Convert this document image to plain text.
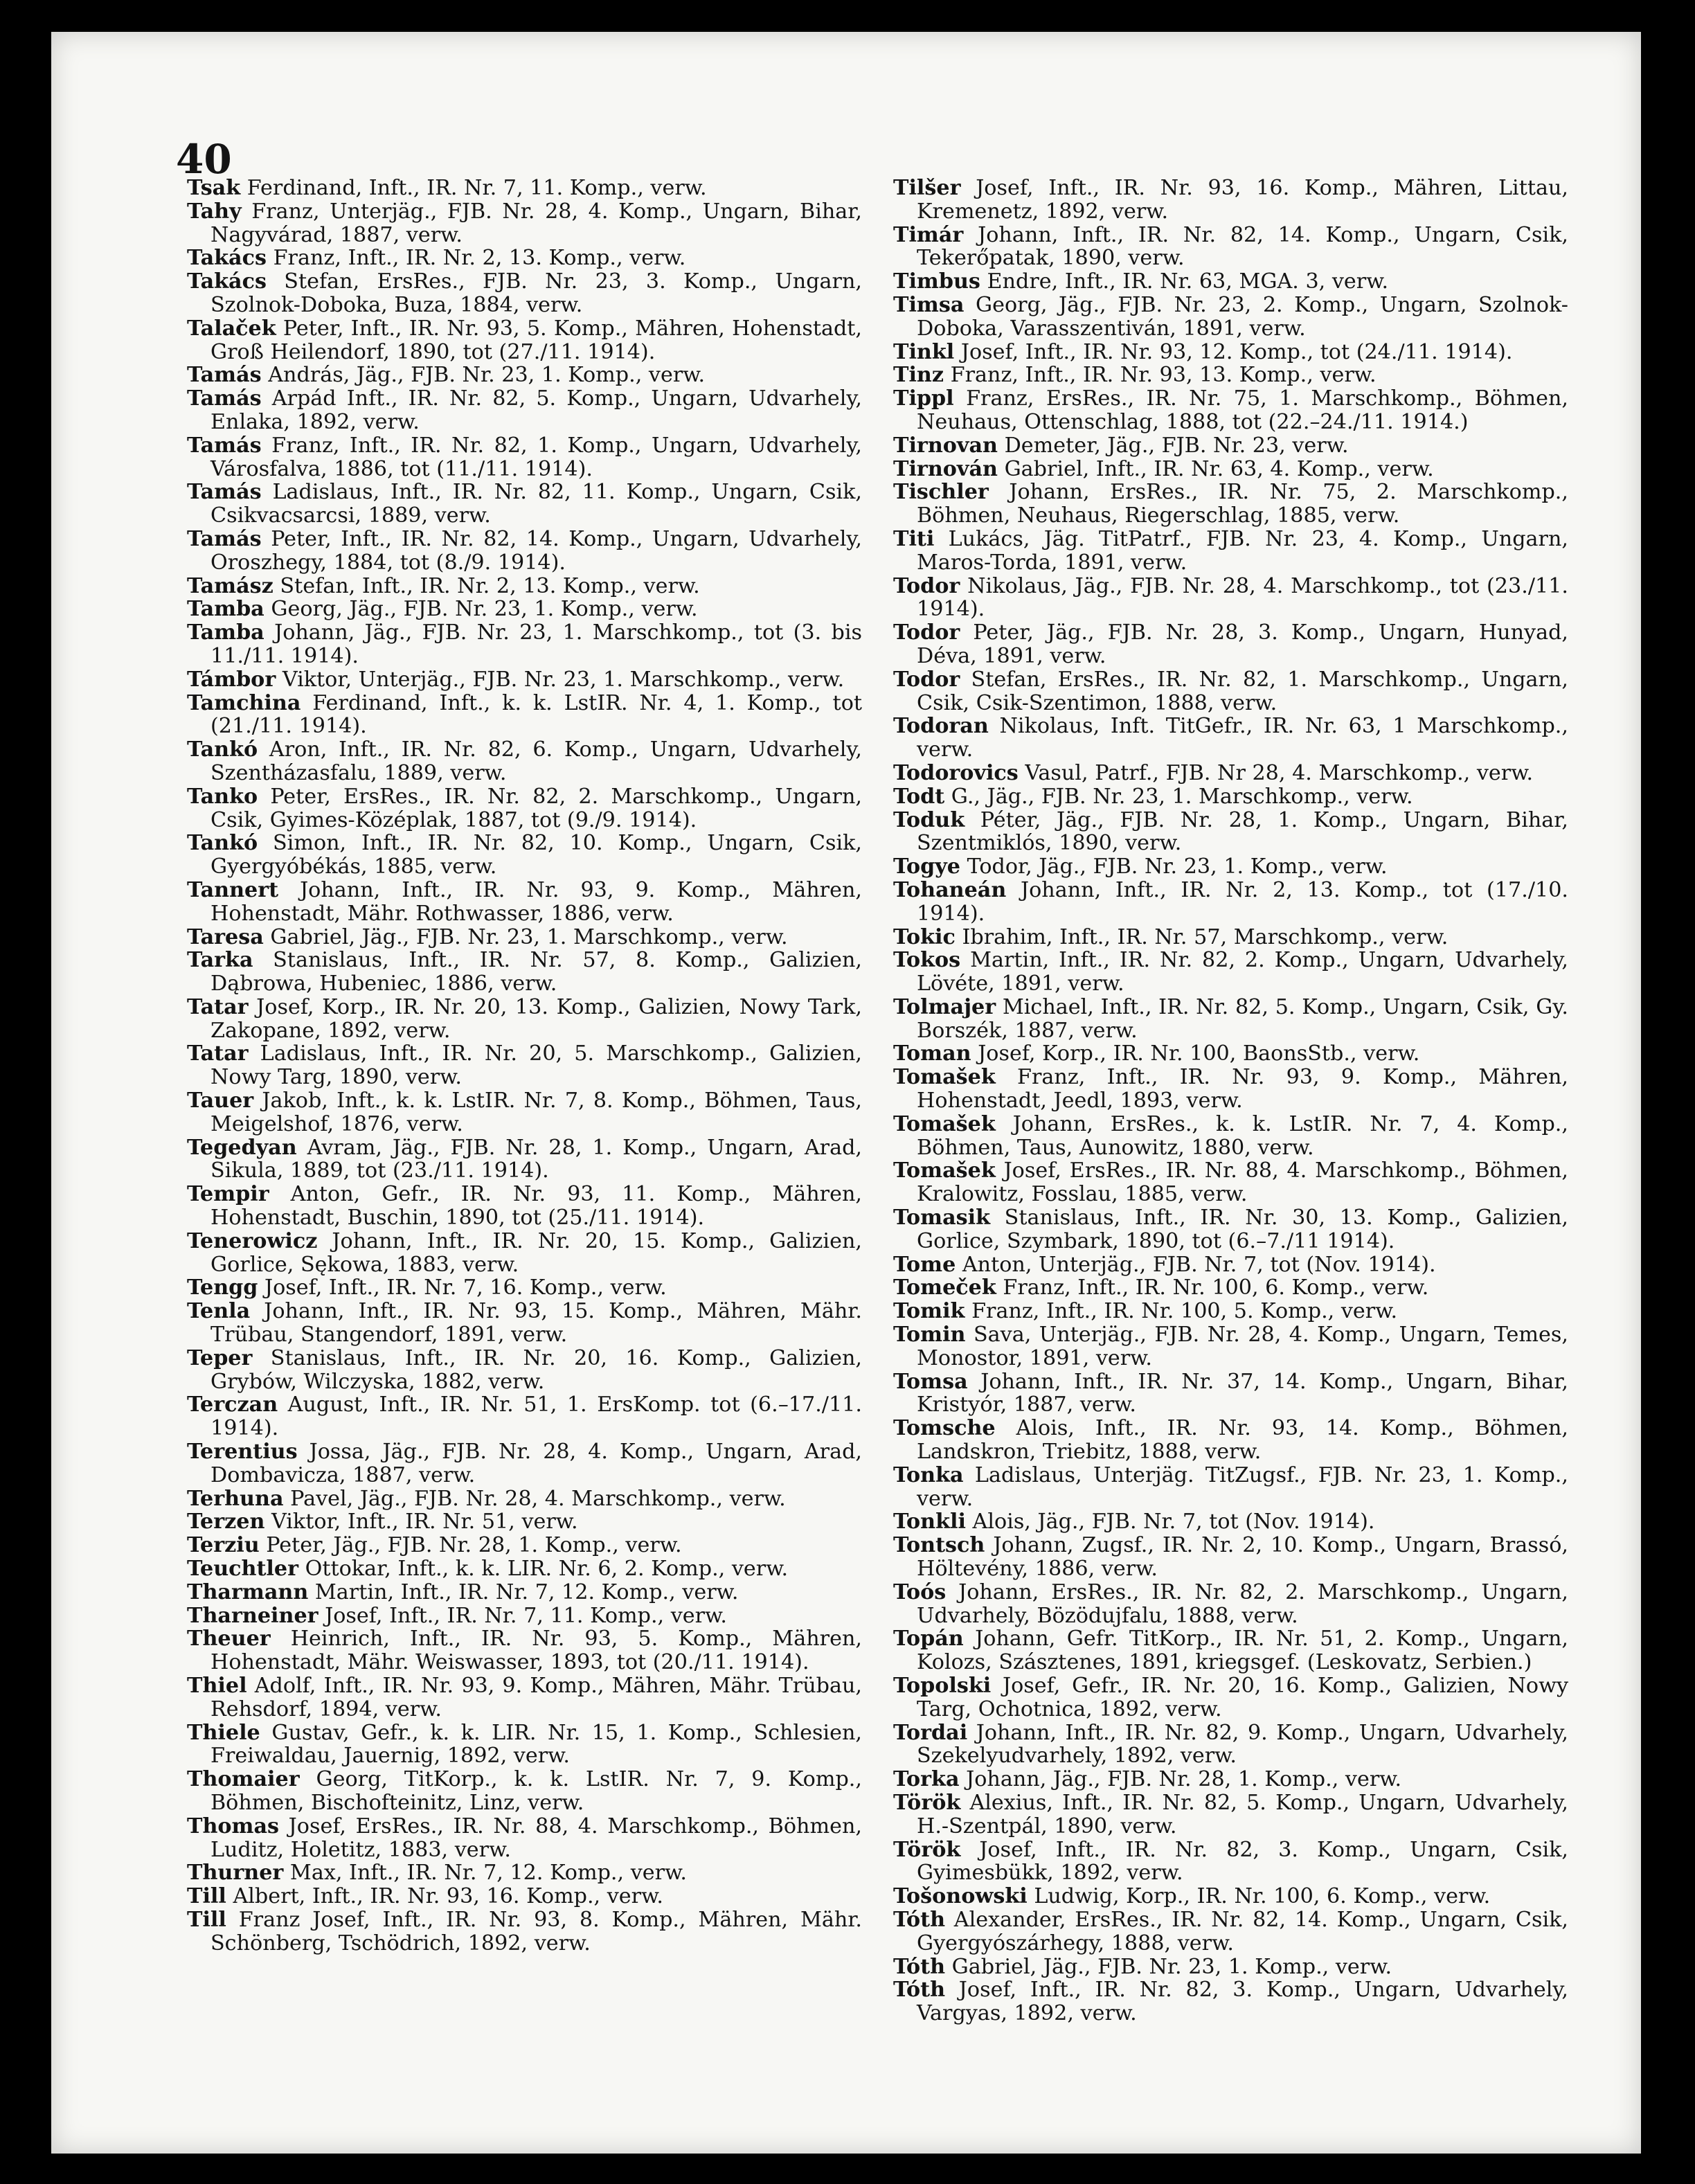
40

Tsak Ferdinand, Inft., IR. Nr. 7, 11. Komp., verw.

Tahy Franz, Unterjäg., FJB. Nr. 28, 4. Komp., Ungarn, Bihar, Nagyvárad, 1887, verw.

Takács Franz, Inft., IR. Nr. 2, 13. Komp., verw.

Takács Stefan, ErsRes., FJB. Nr. 23, 3. Komp., Ungarn, Szolnok-Doboka, Buza, 1884, verw.

Talaček Peter, Inft., IR. Nr. 93, 5. Komp., Mähren, Hohenstadt, Groß Heilendorf, 1890, tot (27./11. 1914).

Tamás András, Jäg., FJB. Nr. 23, 1. Komp., verw.

Tamás Arpád Inft., IR. Nr. 82, 5. Komp., Ungarn, Udvarhely, Enlaka, 1892, verw.

Tamás Franz, Inft., IR. Nr. 82, 1. Komp., Ungarn, Udvarhely, Városfalva, 1886, tot (11./11. 1914).

Tamás Ladislaus, Inft., IR. Nr. 82, 11. Komp., Ungarn, Csik, Csikvacsarcsi, 1889, verw.

Tamás Peter, Inft., IR. Nr. 82, 14. Komp., Ungarn, Udvarhely, Oroszhegy, 1884, tot (8./9. 1914).

Tamász Stefan, Inft., IR. Nr. 2, 13. Komp., verw.

Tamba Georg, Jäg., FJB. Nr. 23, 1. Komp., verw.

Tamba Johann, Jäg., FJB. Nr. 23, 1. Marschkomp., tot (3. bis 11./11. 1914).

Támbor Viktor, Unterjäg., FJB. Nr. 23, 1. Marschkomp., verw.

Tamchina Ferdinand, Inft., k. k. LstIR. Nr. 4, 1. Komp., tot (21./11. 1914).

Tankó Aron, Inft., IR. Nr. 82, 6. Komp., Ungarn, Udvarhely, Szentházasfalu, 1889, verw.

Tanko Peter, ErsRes., IR. Nr. 82, 2. Marschkomp., Ungarn, Csik, Gyimes-Középlak, 1887, tot (9./9. 1914).

Tankó Simon, Inft., IR. Nr. 82, 10. Komp., Ungarn, Csik, Gyergyóbékás, 1885, verw.

Tannert Johann, Inft., IR. Nr. 93, 9. Komp., Mähren, Hohenstadt, Mähr. Rothwasser, 1886, verw.

Taresa Gabriel, Jäg., FJB. Nr. 23, 1. Marschkomp., verw.

Tarka Stanislaus, Inft., IR. Nr. 57, 8. Komp., Galizien, Dąbrowa, Hubeniec, 1886, verw.

Tatar Josef, Korp., IR. Nr. 20, 13. Komp., Galizien, Nowy Tark, Zakopane, 1892, verw.

Tatar Ladislaus, Inft., IR. Nr. 20, 5. Marschkomp., Galizien, Nowy Targ, 1890, verw.

Tauer Jakob, Inft., k. k. LstIR. Nr. 7, 8. Komp., Böhmen, Taus, Meigelshof, 1876, verw.

Tegedyan Avram, Jäg., FJB. Nr. 28, 1. Komp., Ungarn, Arad, Sikula, 1889, tot (23./11. 1914).

Tempir Anton, Gefr., IR. Nr. 93, 11. Komp., Mähren, Hohenstadt, Buschin, 1890, tot (25./11. 1914).

Tenerowicz Johann, Inft., IR. Nr. 20, 15. Komp., Galizien, Gorlice, Sękowa, 1883, verw.

Tengg Josef, Inft., IR. Nr. 7, 16. Komp., verw.

Tenla Johann, Inft., IR. Nr. 93, 15. Komp., Mähren, Mähr. Trübau, Stangendorf, 1891, verw.

Teper Stanislaus, Inft., IR. Nr. 20, 16. Komp., Galizien, Grybów, Wilczyska, 1882, verw.

Terczan August, Inft., IR. Nr. 51, 1. ErsKomp. tot (6.–17./11. 1914).

Terentius Jossa, Jäg., FJB. Nr. 28, 4. Komp., Ungarn, Arad, Dombavicza, 1887, verw.

Terhuna Pavel, Jäg., FJB. Nr. 28, 4. Marschkomp., verw.

Terzen Viktor, Inft., IR. Nr. 51, verw.

Terziu Peter, Jäg., FJB. Nr. 28, 1. Komp., verw.

Teuchtler Ottokar, Inft., k. k. LIR. Nr. 6, 2. Komp., verw.

Tharmann Martin, Inft., IR. Nr. 7, 12. Komp., verw.

Tharneiner Josef, Inft., IR. Nr. 7, 11. Komp., verw.

Theuer Heinrich, Inft., IR. Nr. 93, 5. Komp., Mähren, Hohenstadt, Mähr. Weiswasser, 1893, tot (20./11. 1914).

Thiel Adolf, Inft., IR. Nr. 93, 9. Komp., Mähren, Mähr. Trübau, Rehsdorf, 1894, verw.

Thiele Gustav, Gefr., k. k. LIR. Nr. 15, 1. Komp., Schlesien, Freiwaldau, Jauernig, 1892, verw.

Thomaier Georg, TitKorp., k. k. LstIR. Nr. 7, 9. Komp., Böhmen, Bischofteinitz, Linz, verw.

Thomas Josef, ErsRes., IR. Nr. 88, 4. Marschkomp., Böhmen, Luditz, Holetitz, 1883, verw.

Thurner Max, Inft., IR. Nr. 7, 12. Komp., verw.

Till Albert, Inft., IR. Nr. 93, 16. Komp., verw.

Till Franz Josef, Inft., IR. Nr. 93, 8. Komp., Mähren, Mähr. Schönberg, Tschödrich, 1892, verw.

Tilšer Josef, Inft., IR. Nr. 93, 16. Komp., Mähren, Littau, Kremenetz, 1892, verw.

Timár Johann, Inft., IR. Nr. 82, 14. Komp., Ungarn, Csik, Tekerőpatak, 1890, verw.

Timbus Endre, Inft., IR. Nr. 63, MGA. 3, verw.

Timsa Georg, Jäg., FJB. Nr. 23, 2. Komp., Ungarn, Szolnok-Doboka, Varasszentiván, 1891, verw.

Tinkl Josef, Inft., IR. Nr. 93, 12. Komp., tot (24./11. 1914).

Tinz Franz, Inft., IR. Nr. 93, 13. Komp., verw.

Tippl Franz, ErsRes., IR. Nr. 75, 1. Marschkomp., Böhmen, Neuhaus, Ottenschlag, 1888, tot (22.–24./11. 1914.)

Tirnovan Demeter, Jäg., FJB. Nr. 23, verw.

Tirnován Gabriel, Inft., IR. Nr. 63, 4. Komp., verw.

Tischler Johann, ErsRes., IR. Nr. 75, 2. Marschkomp., Böhmen, Neuhaus, Riegerschlag, 1885, verw.

Titi Lukács, Jäg. TitPatrf., FJB. Nr. 23, 4. Komp., Ungarn, Maros-Torda, 1891, verw.

Todor Nikolaus, Jäg., FJB. Nr. 28, 4. Marschkomp., tot (23./11. 1914).

Todor Peter, Jäg., FJB. Nr. 28, 3. Komp., Ungarn, Hunyad, Déva, 1891, verw.

Todor Stefan, ErsRes., IR. Nr. 82, 1. Marschkomp., Ungarn, Csik, Csik-Szentimon, 1888, verw.

Todoran Nikolaus, Inft. TitGefr., IR. Nr. 63, 1 Marschkomp., verw.

Todorovics Vasul, Patrf., FJB. Nr 28, 4. Marschkomp., verw.

Todt G., Jäg., FJB. Nr. 23, 1. Marschkomp., verw.

Toduk Péter, Jäg., FJB. Nr. 28, 1. Komp., Ungarn, Bihar, Szentmiklós, 1890, verw.

Togye Todor, Jäg., FJB. Nr. 23, 1. Komp., verw.

Tohaneán Johann, Inft., IR. Nr. 2, 13. Komp., tot (17./10. 1914).

Tokic Ibrahim, Inft., IR. Nr. 57, Marschkomp., verw.

Tokos Martin, Inft., IR. Nr. 82, 2. Komp., Ungarn, Udvarhely, Lövéte, 1891, verw.

Tolmajer Michael, Inft., IR. Nr. 82, 5. Komp., Ungarn, Csik, Gy. Borszék, 1887, verw.

Toman Josef, Korp., IR. Nr. 100, BaonsStb., verw.

Tomašek Franz, Inft., IR. Nr. 93, 9. Komp., Mähren, Hohenstadt, Jeedl, 1893, verw.

Tomašek Johann, ErsRes., k. k. LstIR. Nr. 7, 4. Komp., Böhmen, Taus, Aunowitz, 1880, verw.

Tomašek Josef, ErsRes., IR. Nr. 88, 4. Marschkomp., Böhmen, Kralowitz, Fosslau, 1885, verw.

Tomasik Stanislaus, Inft., IR. Nr. 30, 13. Komp., Galizien, Gorlice, Szymbark, 1890, tot (6.–7./11 1914).

Tome Anton, Unterjäg., FJB. Nr. 7, tot (Nov. 1914).

Tomeček Franz, Inft., IR. Nr. 100, 6. Komp., verw.

Tomik Franz, Inft., IR. Nr. 100, 5. Komp., verw.

Tomin Sava, Unterjäg., FJB. Nr. 28, 4. Komp., Ungarn, Temes, Monostor, 1891, verw.

Tomsa Johann, Inft., IR. Nr. 37, 14. Komp., Ungarn, Bihar, Kristyór, 1887, verw.

Tomsche Alois, Inft., IR. Nr. 93, 14. Komp., Böhmen, Landskron, Triebitz, 1888, verw.

Tonka Ladislaus, Unterjäg. TitZugsf., FJB. Nr. 23, 1. Komp., verw.

Tonkli Alois, Jäg., FJB. Nr. 7, tot (Nov. 1914).

Tontsch Johann, Zugsf., IR. Nr. 2, 10. Komp., Ungarn, Brassó, Höltevény, 1886, verw.

Toós Johann, ErsRes., IR. Nr. 82, 2. Marschkomp., Ungarn, Udvarhely, Bözödujfalu, 1888, verw.

Topán Johann, Gefr. TitKorp., IR. Nr. 51, 2. Komp., Ungarn, Kolozs, Szásztenes, 1891, kriegsgef. (Leskovatz, Serbien.)

Topolski Josef, Gefr., IR. Nr. 20, 16. Komp., Galizien, Nowy Targ, Ochotnica, 1892, verw.

Tordai Johann, Inft., IR. Nr. 82, 9. Komp., Ungarn, Udvarhely, Szekelyudvarhely, 1892, verw.

Torka Johann, Jäg., FJB. Nr. 28, 1. Komp., verw.

Török Alexius, Inft., IR. Nr. 82, 5. Komp., Ungarn, Udvarhely, H.-Szentpál, 1890, verw.

Török Josef, Inft., IR. Nr. 82, 3. Komp., Ungarn, Csik, Gyimesbükk, 1892, verw.

Tošonowski Ludwig, Korp., IR. Nr. 100, 6. Komp., verw.

Tóth Alexander, ErsRes., IR. Nr. 82, 14. Komp., Ungarn, Csik, Gyergyószárhegy, 1888, verw.

Tóth Gabriel, Jäg., FJB. Nr. 23, 1. Komp., verw.

Tóth Josef, Inft., IR. Nr. 82, 3. Komp., Ungarn, Udvarhely, Vargyas, 1892, verw.
